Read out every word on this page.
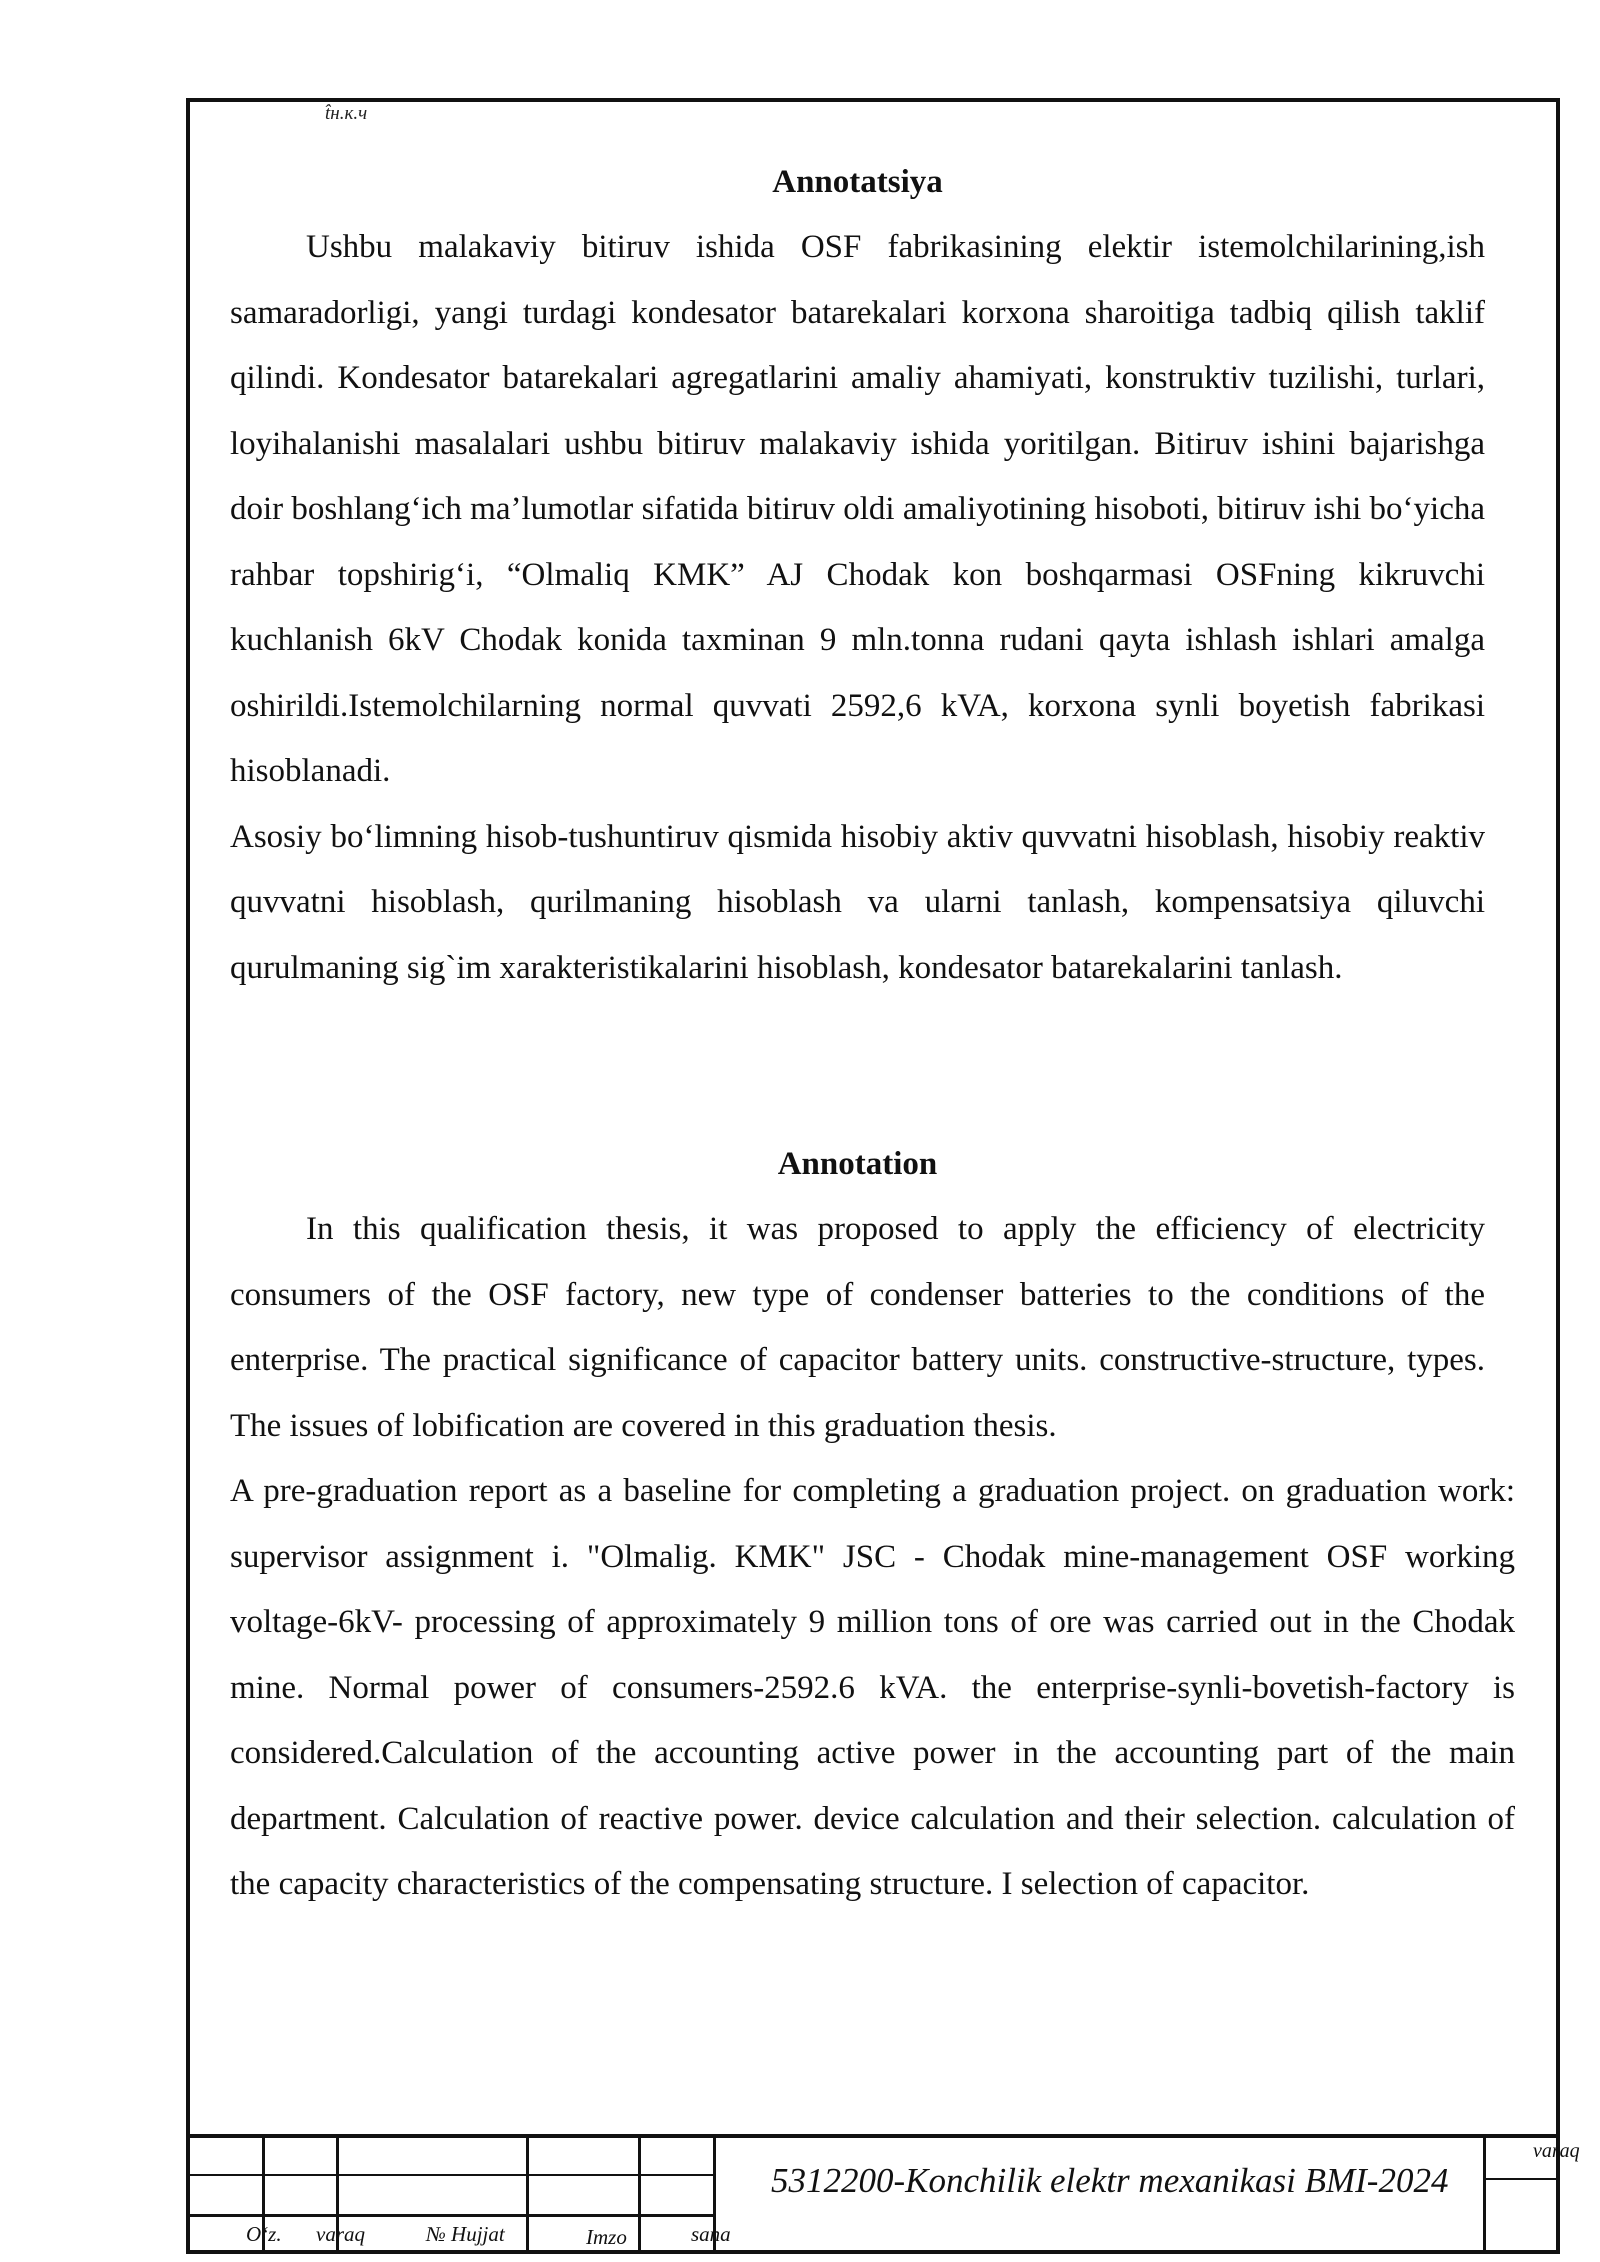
t̂н.к.ч
Annotatsiya

Ushbu malakaviy bitiruv ishida OSF fabrikasining elektir istemolchilarining,ish samaradorligi, yangi turdagi kondesator batarekalari korxona sharoitiga tadbiq qilish taklif qilindi. Kondesator batarekalari agregatlarini amaliy ahamiyati, konstruktiv tuzilishi, turlari, loyihalanishi masalalari ushbu bitiruv malakaviy ishida yoritilgan. Bitiruv ishini bajarishga doir boshlang‘ich ma’lumotlar sifatida bitiruv oldi amaliyotining hisoboti, bitiruv ishi bo‘yicha rahbar topshirig‘i, “Olmaliq KMK” AJ Chodak kon boshqarmasi OSFning kikruvchi kuchlanish 6kV Chodak konida taxminan 9 mln.tonna rudani qayta ishlash ishlari amalga oshirildi.Istemolchilarning normal quvvati 2592,6 kVA, korxona synli boyetish fabrikasi hisoblanadi.

Asosiy bo‘limning hisob-tushuntiruv qismida hisobiy aktiv quvvatni hisoblash, hisobiy reaktiv quvvatni hisoblash, qurilmaning hisoblash va ularni tanlash, kompensatsiya qiluvchi qurulmaning sig`im xarakteristikalarini hisoblash, kondesator batarekalarini tanlash.

Annotation

In this qualification thesis, it was proposed to apply the efficiency of electricity consumers of the OSF factory, new type of condenser batteries to the conditions of the enterprise. The practical significance of capacitor battery units. constructive-structure, types. The issues of lobification are covered in this graduation thesis.

A pre-graduation report as a baseline for completing a graduation project. on graduation work: supervisor assignment i. "Olmalig. KMK" JSC - Chodak mine-management OSF working voltage-6kV- processing of approximately 9 million tons of ore was carried out in the Chodak mine. Normal power of consumers-2592.6 kVA. the enterprise-synli-bovetish-factory is considered.Calculation of the accounting active power in the accounting part of the main department. Calculation of reactive power. device calculation and their selection. calculation of the capacity characteristics of the compensating structure. I selection of capacitor.

O‘z. varaq	№ Hujjat	Imzo	sana
5312200-Konchilik elektr mexanikasi BMI-2024
varaq
